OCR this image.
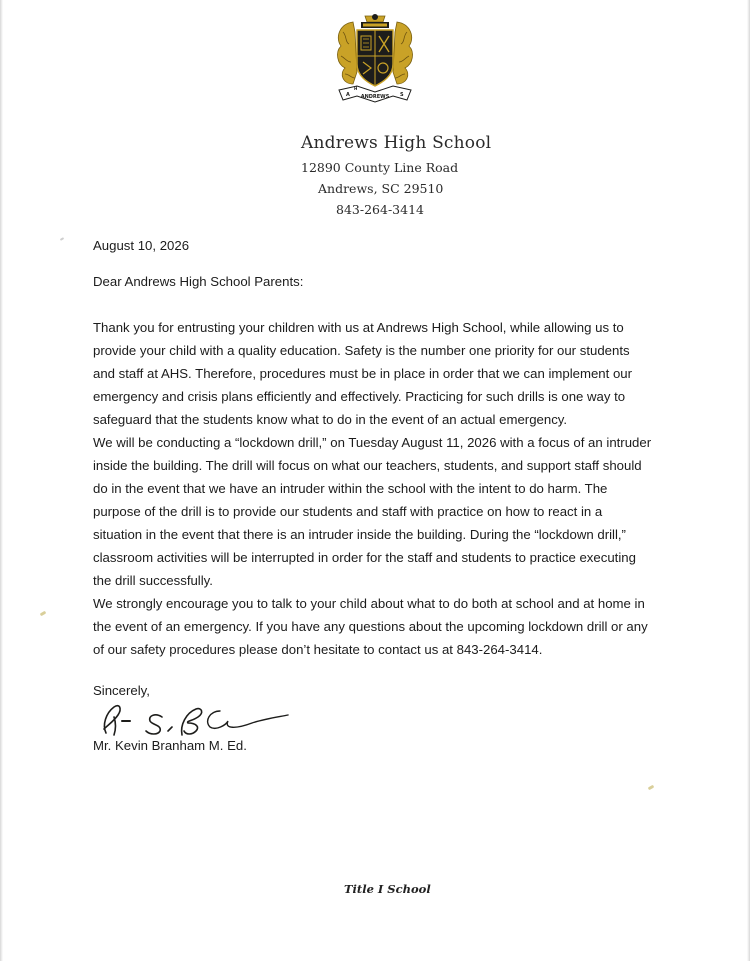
A	S
ANDREWS
H
Andrews High School
12890 County Line Road
Andrews, SC 29510
843-264-3414
August 10, 2026
Dear Andrews High School Parents:
Thank you for entrusting your children with us at Andrews High School, while allowing us to
provide your child with a quality education. Safety is the number one priority for our students
and staff at AHS. Therefore, procedures must be in place in order that we can implement our
emergency and crisis plans efficiently and effectively. Practicing for such drills is one way to
safeguard that the students know what to do in the event of an actual emergency.
We will be conducting a “lockdown drill,” on Tuesday August 11, 2026 with a focus of an intruder
inside the building. The drill will focus on what our teachers, students, and support staff should
do in the event that we have an intruder within the school with the intent to do harm. The
purpose of the drill is to provide our students and staff with practice on how to react in a
situation in the event that there is an intruder inside the building. During the “lockdown drill,”
classroom activities will be interrupted in order for the staff and students to practice executing
the drill successfully.
We strongly encourage you to talk to your child about what to do both at school and at home in
the event of an emergency. If you have any questions about the upcoming lockdown drill or any
of our safety procedures please don’t hesitate to contact us at 843-264-3414.
Sincerely,
Mr. Kevin Branham M. Ed.
Title I School
